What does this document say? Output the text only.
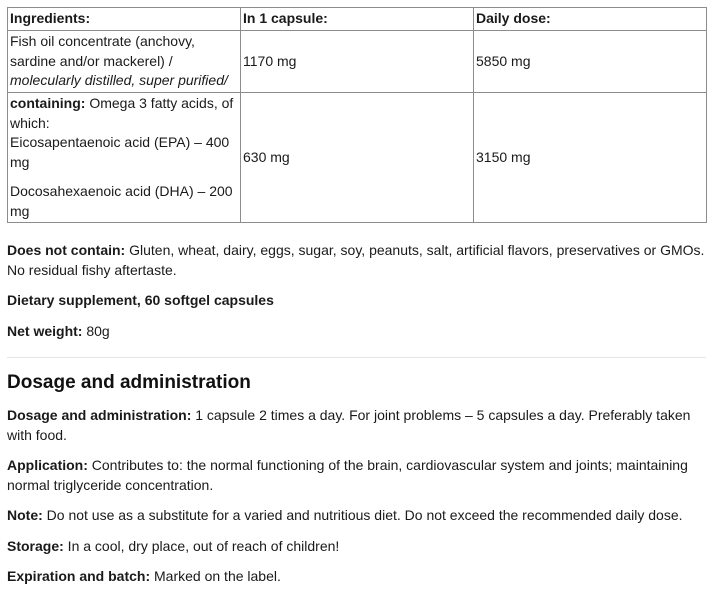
Ingredients:	In 1 capsule:	Daily dose:
Fish oil concentrate (anchovy,
sardine and/or mackerel) /
molecularly distilled, super purified/	1170 mg	5850 mg
containing: Omega 3 fatty acids, of which:
Eicosapentaenoic acid (EPA) – 400 mg
Docosahexaenoic acid (DHA) – 200 mg	630 mg	3150 mg

Does not contain: Gluten, wheat, dairy, eggs, sugar, soy, peanuts, salt, artificial flavors, preservatives or GMOs. No residual fishy aftertaste.

Dietary supplement, 60 softgel capsules

Net weight: 80g

Dosage and administration

Dosage and administration: 1 capsule 2 times a day. For joint problems – 5 capsules a day. Preferably taken with food.

Application: Contributes to: the normal functioning of the brain, cardiovascular system and joints; maintaining normal triglyceride concentration.

Note: Do not use as a substitute for a varied and nutritious diet. Do not exceed the recommended daily dose.

Storage: In a cool, dry place, out of reach of children!

Expiration and batch: Marked on the label.
